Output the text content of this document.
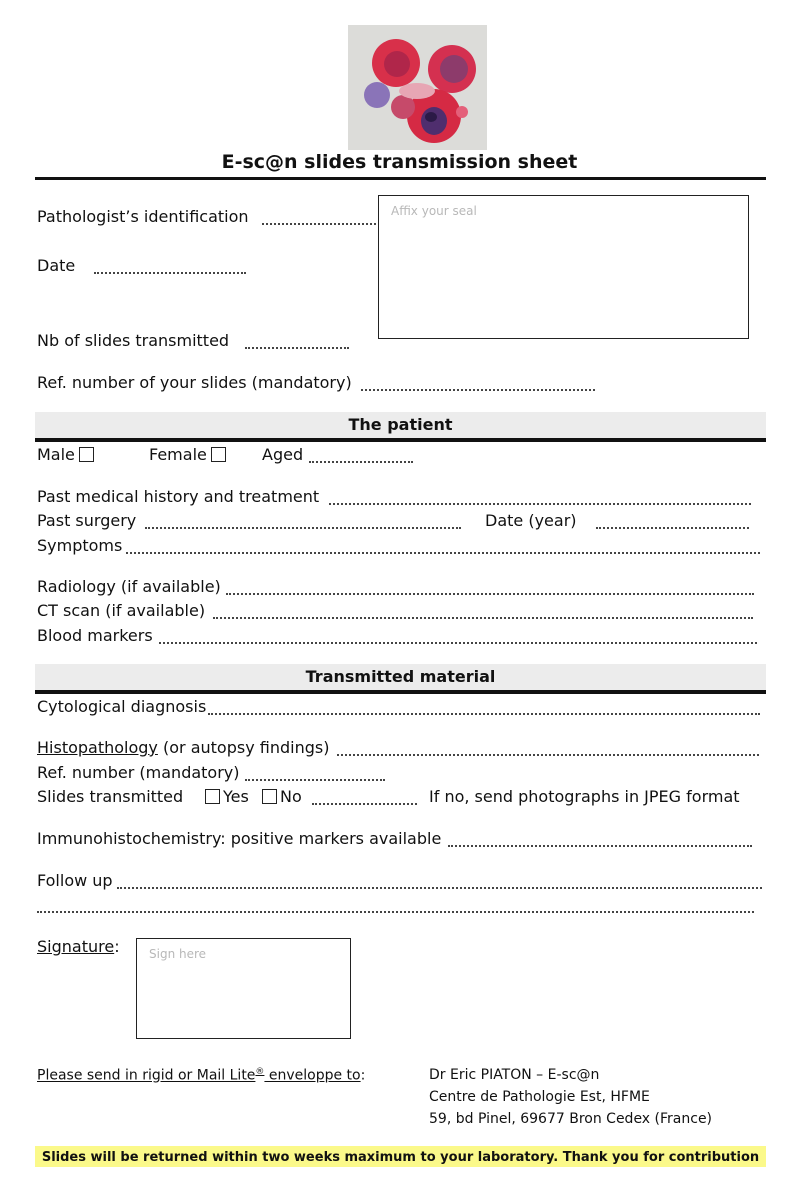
E-sc@n slides transmission sheet
Pathologist’s identification
Date
Affix your seal
Nb of slides transmitted
Ref. number of your slides (mandatory)
The patient
Male	Female	Aged
Past medical history and treatment
Past surgery	Date (year)
Symptoms
Radiology (if available)
CT scan (if available)
Blood markers
Transmitted material
Cytological diagnosis
Histopathology (or autopsy findings)
Ref. number (mandatory)
Slides transmitted	Yes	No	If no, send photographs in JPEG format
Immunohistochemistry: positive markers available
Follow up
Signature: Sign here
Please send in rigid or Mail Lite® enveloppe to:	Dr Eric PIATON – E-sc@n
Centre de Pathologie Est, HFME
59, bd Pinel, 69677 Bron Cedex (France)
Slides will be returned within two weeks maximum to your laboratory. Thank you for contribution
